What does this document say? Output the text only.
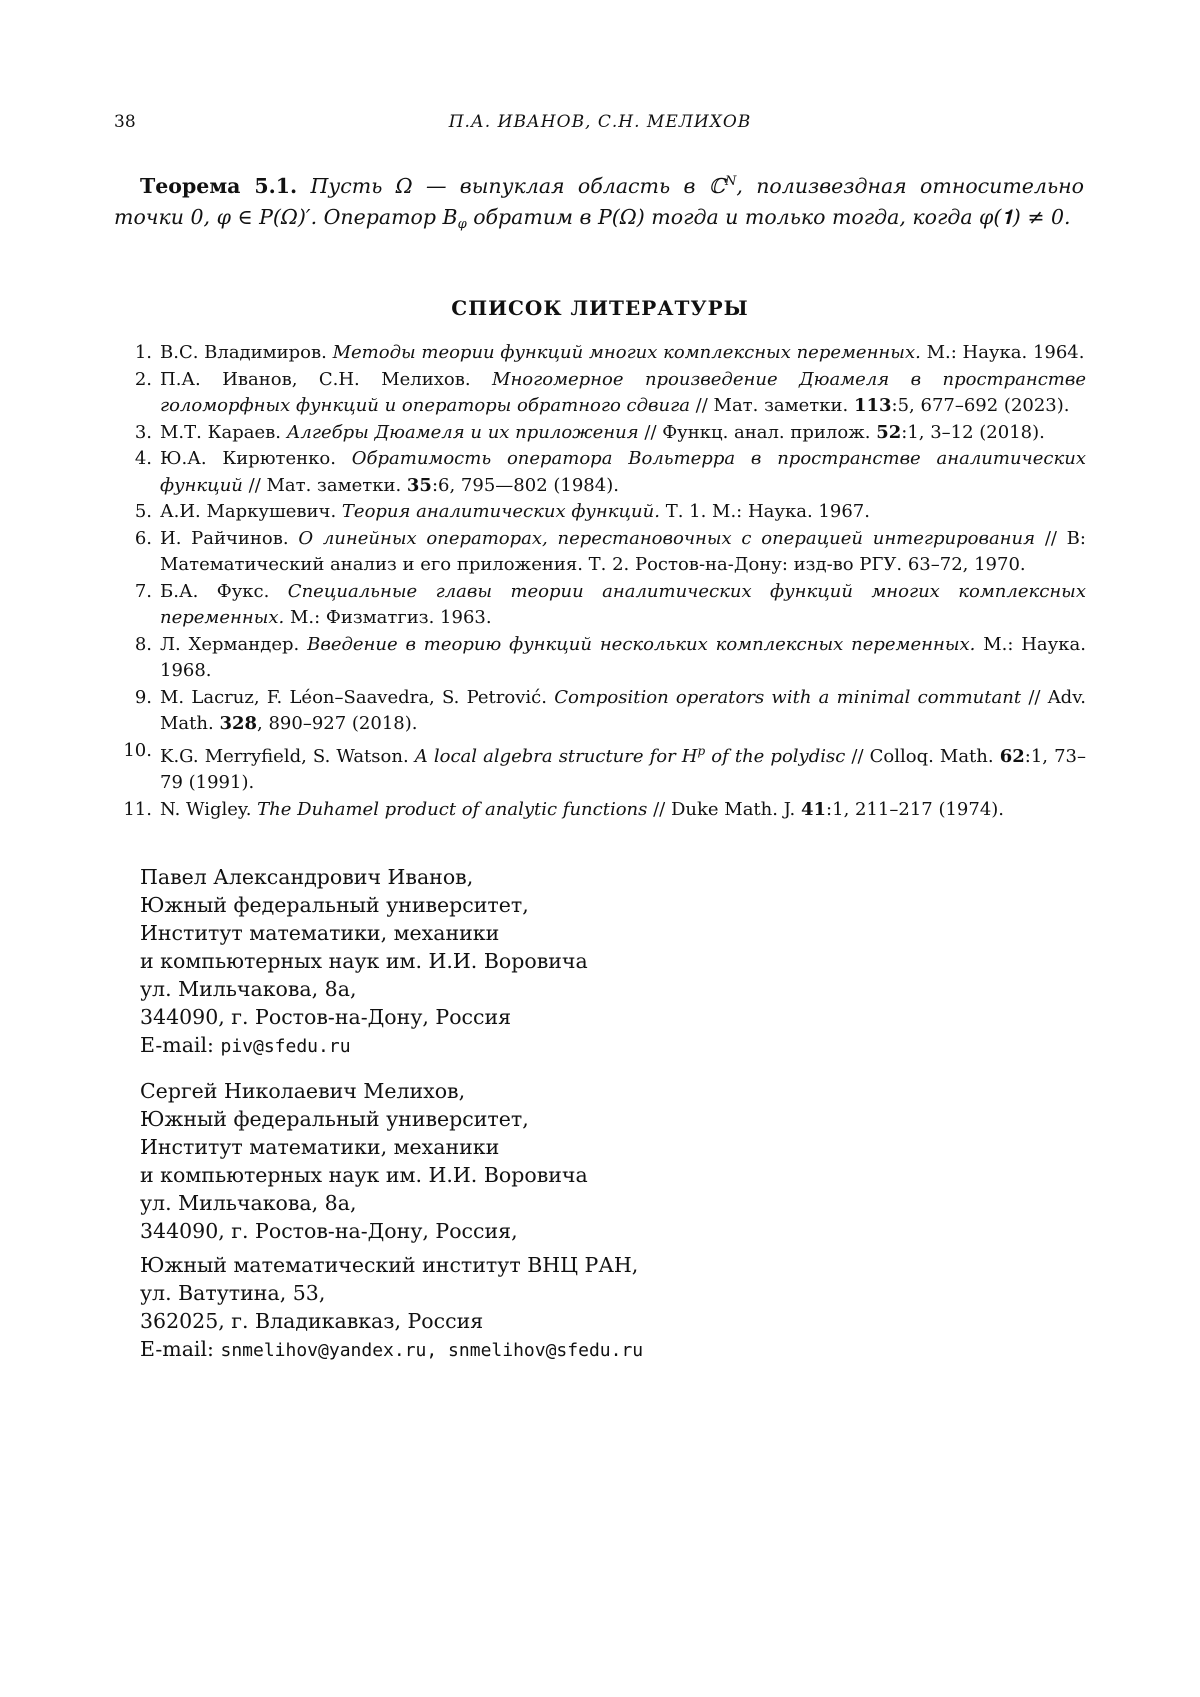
38	П.А. ИВАНОВ, С.Н. МЕЛИХОВ

Теорема 5.1. Пусть Ω — выпуклая область в ℂ$^N$, полизвездная относительно точки 0, φ ∈ P(Ω)′. Оператор Bφ обратим в P(Ω) тогда и только тогда, когда φ(𝟏) ≠ 0.

СПИСОК ЛИТЕРАТУРЫ
1. В.С. Владимиров. Методы теории функций многих комплексных переменных. М.: Наука. 1964.
2. П.А. Иванов, С.Н. Мелихов. Многомерное произведение Дюамеля в пространстве голоморфных функций и операторы обратного сдвига // Мат. заметки. 113:5, 677–692 (2023).
3. М.Т. Караев. Алгебры Дюамеля и их приложения // Функц. анал. прилож. 52:1, 3–12 (2018).
4. Ю.А. Кирютенко. Обратимость оператора Вольтерра в пространстве аналитических функций // Мат. заметки. 35:6, 795—802 (1984).
5. А.И. Маркушевич. Теория аналитических функций. Т. 1. М.: Наука. 1967.
6. И. Райчинов. О линейных операторах, перестановочных с операцией интегрирования // В: Математический анализ и его приложения. Т. 2. Ростов-на-Дону: изд-во РГУ. 63–72, 1970.
7. Б.А. Фукс. Специальные главы теории аналитических функций многих комплексных переменных. М.: Физматгиз. 1963.
8. Л. Хермандер. Введение в теорию функций нескольких комплексных переменных. М.: Наука. 1968.
9. M. Lacruz, F. Léon–Saavedra, S. Petrović. Composition operators with a minimal commutant // Adv. Math. 328, 890–927 (2018).
10. K.G. Merryfield, S. Watson. A local algebra structure for $H^p$ of the polydisc // Colloq. Math. 62:1, 73–79 (1991).
11. N. Wigley. The Duhamel product of analytic functions // Duke Math. J. 41:1, 211–217 (1974).
Павел Александрович Иванов,
Южный федеральный университет,
Институт математики, механики
и компьютерных наук им. И.И. Воровича
ул. Мильчакова, 8а,
344090, г. Ростов-на-Дону, Россия
E-mail: piv@sfedu.ru
Сергей Николаевич Мелихов,
Южный федеральный университет,
Институт математики, механики
и компьютерных наук им. И.И. Воровича
ул. Мильчакова, 8а,
344090, г. Ростов-на-Дону, Россия,
Южный математический институт ВНЦ РАН,
ул. Ватутина, 53,
362025, г. Владикавказ, Россия
E-mail: snmelihov@yandex.ru, snmelihov@sfedu.ru
